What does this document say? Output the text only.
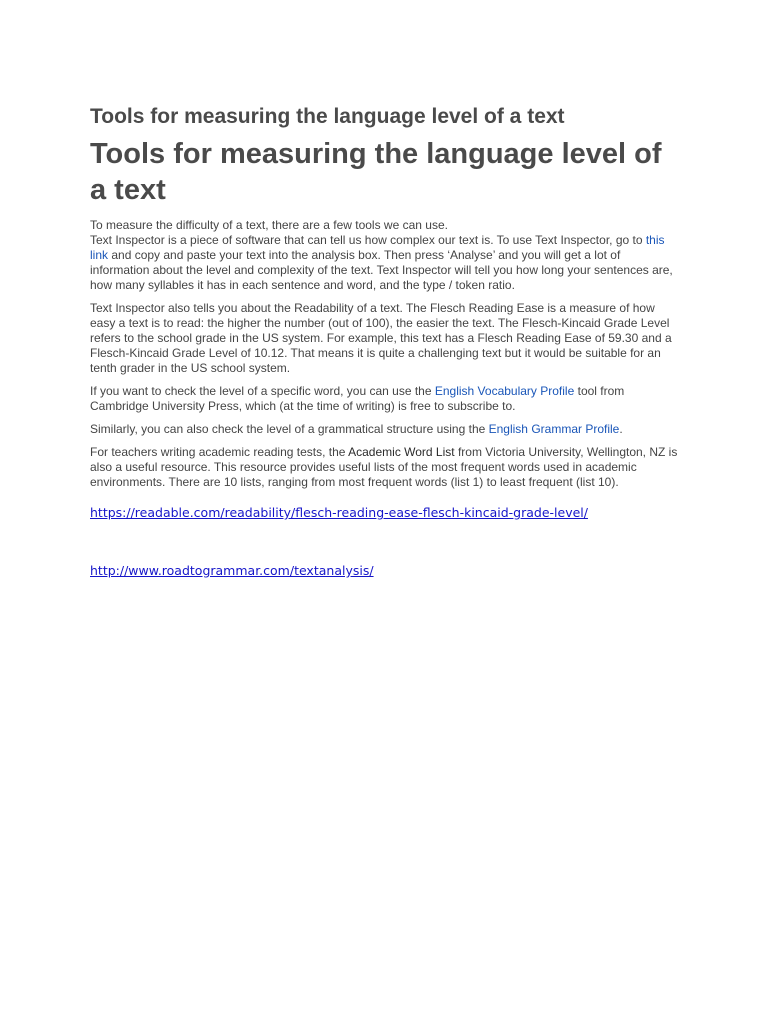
Tools for measuring the language level of a text
Tools for measuring the language level of a text

To measure the difficulty of a text, there are a few tools we can use.
Text Inspector is a piece of software that can tell us how complex our text is. To use Text Inspector, go to this link and copy and paste your text into the analysis box. Then press ‘Analyse’ and you will get a lot of information about the level and complexity of the text. Text Inspector will tell you how long your sentences are, how many syllables it has in each sentence and word, and the type / token ratio.

Text Inspector also tells you about the Readability of a text. The Flesch Reading Ease is a measure of how easy a text is to read: the higher the number (out of 100), the easier the text. The Flesch-Kincaid Grade Level refers to the school grade in the US system. For example, this text has a Flesch Reading Ease of 59.30 and a Flesch-Kincaid Grade Level of 10.12. That means it is quite a challenging text but it would be suitable for an tenth grader in the US school system.

If you want to check the level of a specific word, you can use the English Vocabulary Profile tool from Cambridge University Press, which (at the time of writing) is free to subscribe to.

Similarly, you can also check the level of a grammatical structure using the English Grammar Profile.

For teachers writing academic reading tests, the Academic Word List from Victoria University, Wellington, NZ is also a useful resource. This resource provides useful lists of the most frequent words used in academic environments. There are 10 lists, ranging from most frequent words (list 1) to least frequent (list 10).

https://readable.com/readability/flesch-reading-ease-flesch-kincaid-grade-level/
http://www.roadtogrammar.com/textanalysis/
